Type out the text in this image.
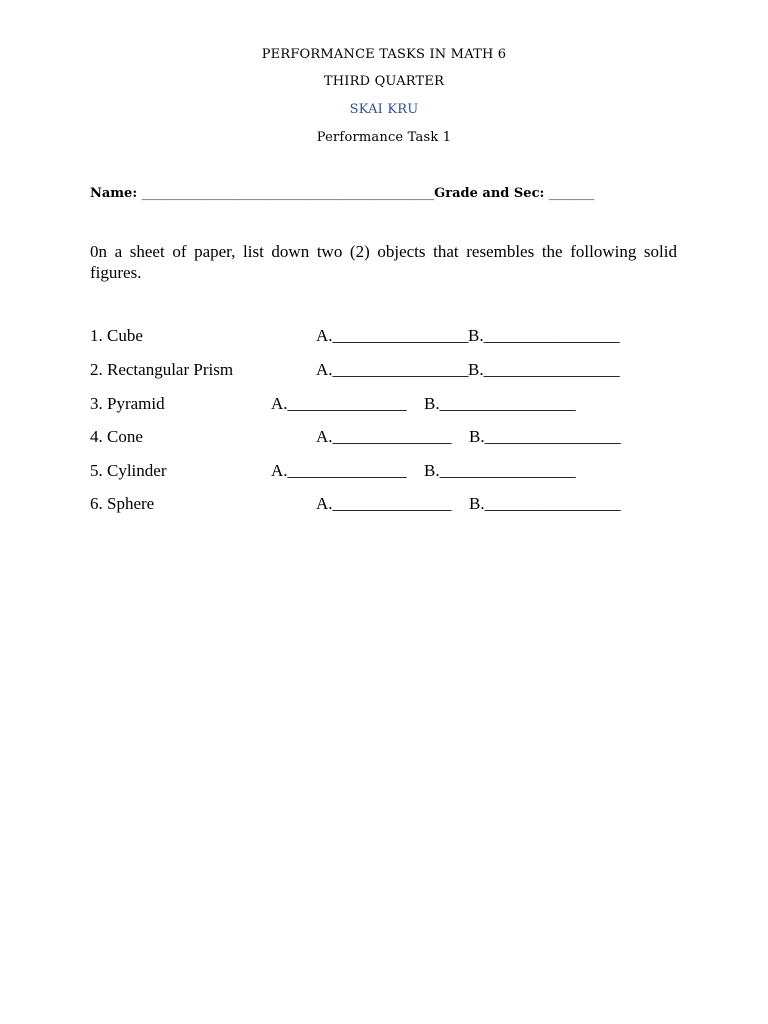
PERFORMANCE TASKS IN MATH 6
THIRD QUARTER
SKAI KRU
Performance Task 1
Name: _____________________________________________Grade and Sec: _______
0n a sheet of paper, list down two (2) objects that resembles the following solid figures.
1. Cube	A.________________ B.________________
2. Rectangular Prism	A.________________ B.________________
3. Pyramid	A.______________ B.________________
4. Cone	A.______________ B.________________
5. Cylinder	A.______________ B.________________
6. Sphere	A.______________ B.________________
